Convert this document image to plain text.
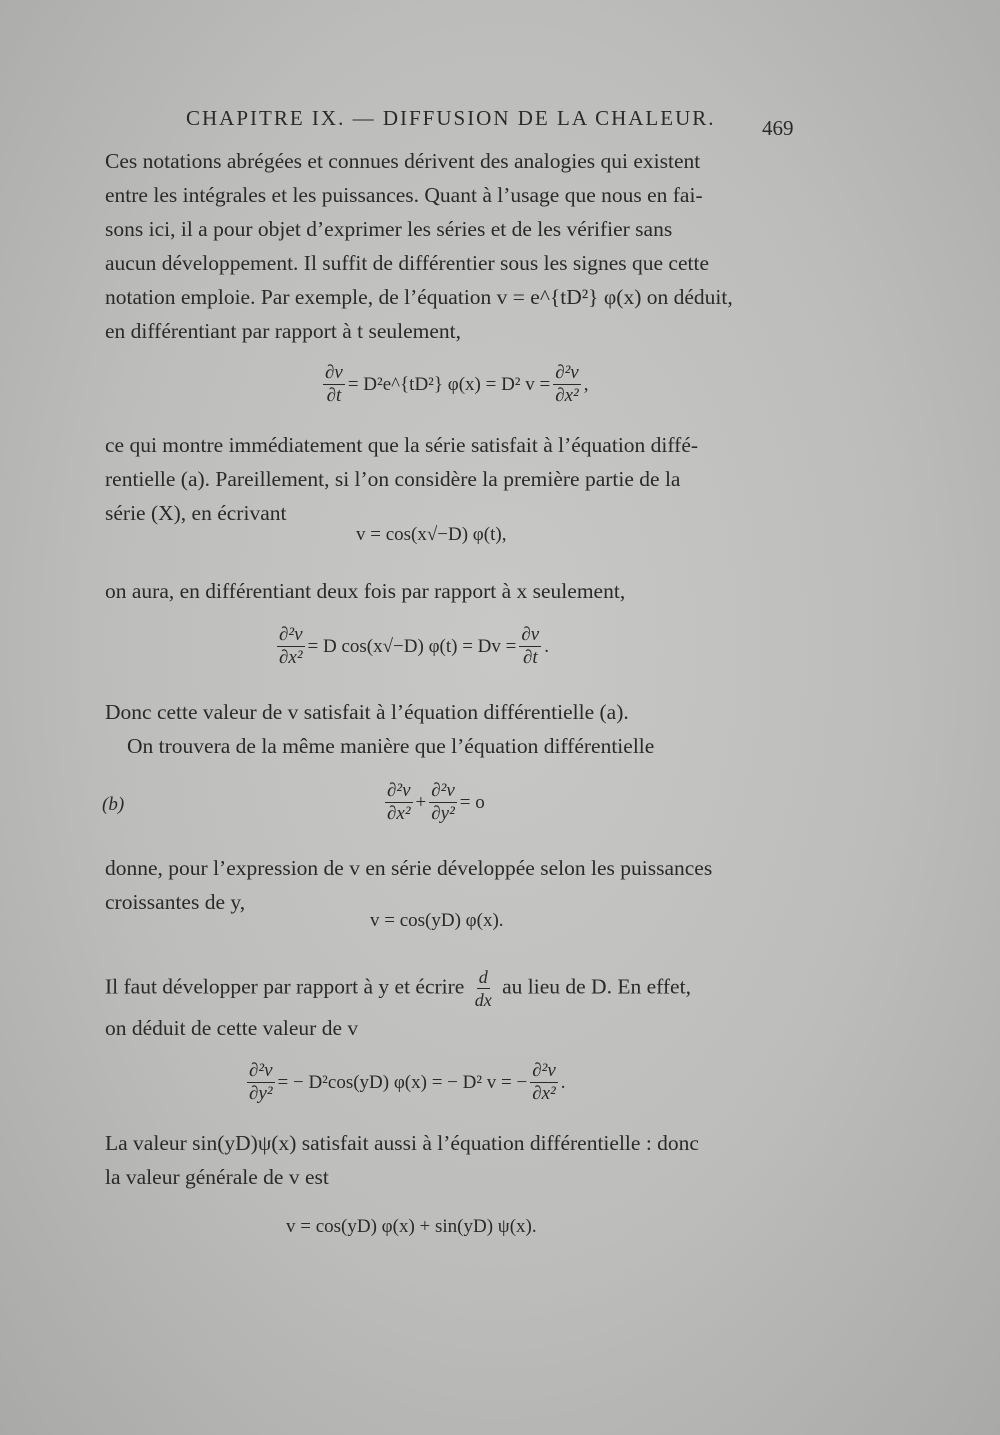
CHAPITRE IX. — DIFFUSION DE LA CHALEUR.	469
Ces notations abrégées et connues dérivent des analogies qui existent
entre les intégrales et les puissances. Quant à l’usage que nous en fai-
sons ici, il a pour objet d’exprimer les séries et de les vérifier sans
aucun développement. Il suffit de différentier sous les signes que cette
notation emploie. Par exemple, de l’équation v = e^{tD²} φ(x) on déduit,
en différentiant par rapport à t seulement,
$\frac{\partial v}{\partial t}$ = D²e^{tD²} φ(x) = D² $v = \frac{\text{∂²v}}{\text{∂x²}}$ ,
ce qui montre immédiatement que la série satisfait à l’équation diffé-
rentielle (a). Pareillement, si l’on considère la première partie de la
série (X), en écrivant
v = cos(x√−D) φ(t),
on aura, en différentiant deux fois par rapport à x seulement,
$\frac{\text{∂²v}}{\text{∂x²}} = D$ cos(x√−D) $\varphi(t) = Dv = \frac{\partial v}{\partial t}$ .
Donc cette valeur de v satisfait à l’équation différentielle (a).
On trouvera de la même manière que l’équation différentielle
(b)	$\frac{\text{∂²v}}{\text{∂x²}} + \frac{\text{∂²v}}{\text{∂y²}} = o$
donne, pour l’expression de v en série développée selon les puissances
croissantes de y,
v = cos(yD) φ(x).
Il faut développer par rapport à y et écrire $\frac{d}{dx}$ au lieu de D. En effet,
on déduit de cette valeur de v
$\frac{\text{∂²v}}{\text{∂y²}}$ = − D²cos(yD) φ(x) = − D² v = − $\frac{\text{∂²v}}{\text{∂x²}}$ .
La valeur sin(yD)ψ(x) satisfait aussi à l’équation différentielle : donc
la valeur générale de v est
v = cos(yD) φ(x) + sin(yD) ψ(x).
